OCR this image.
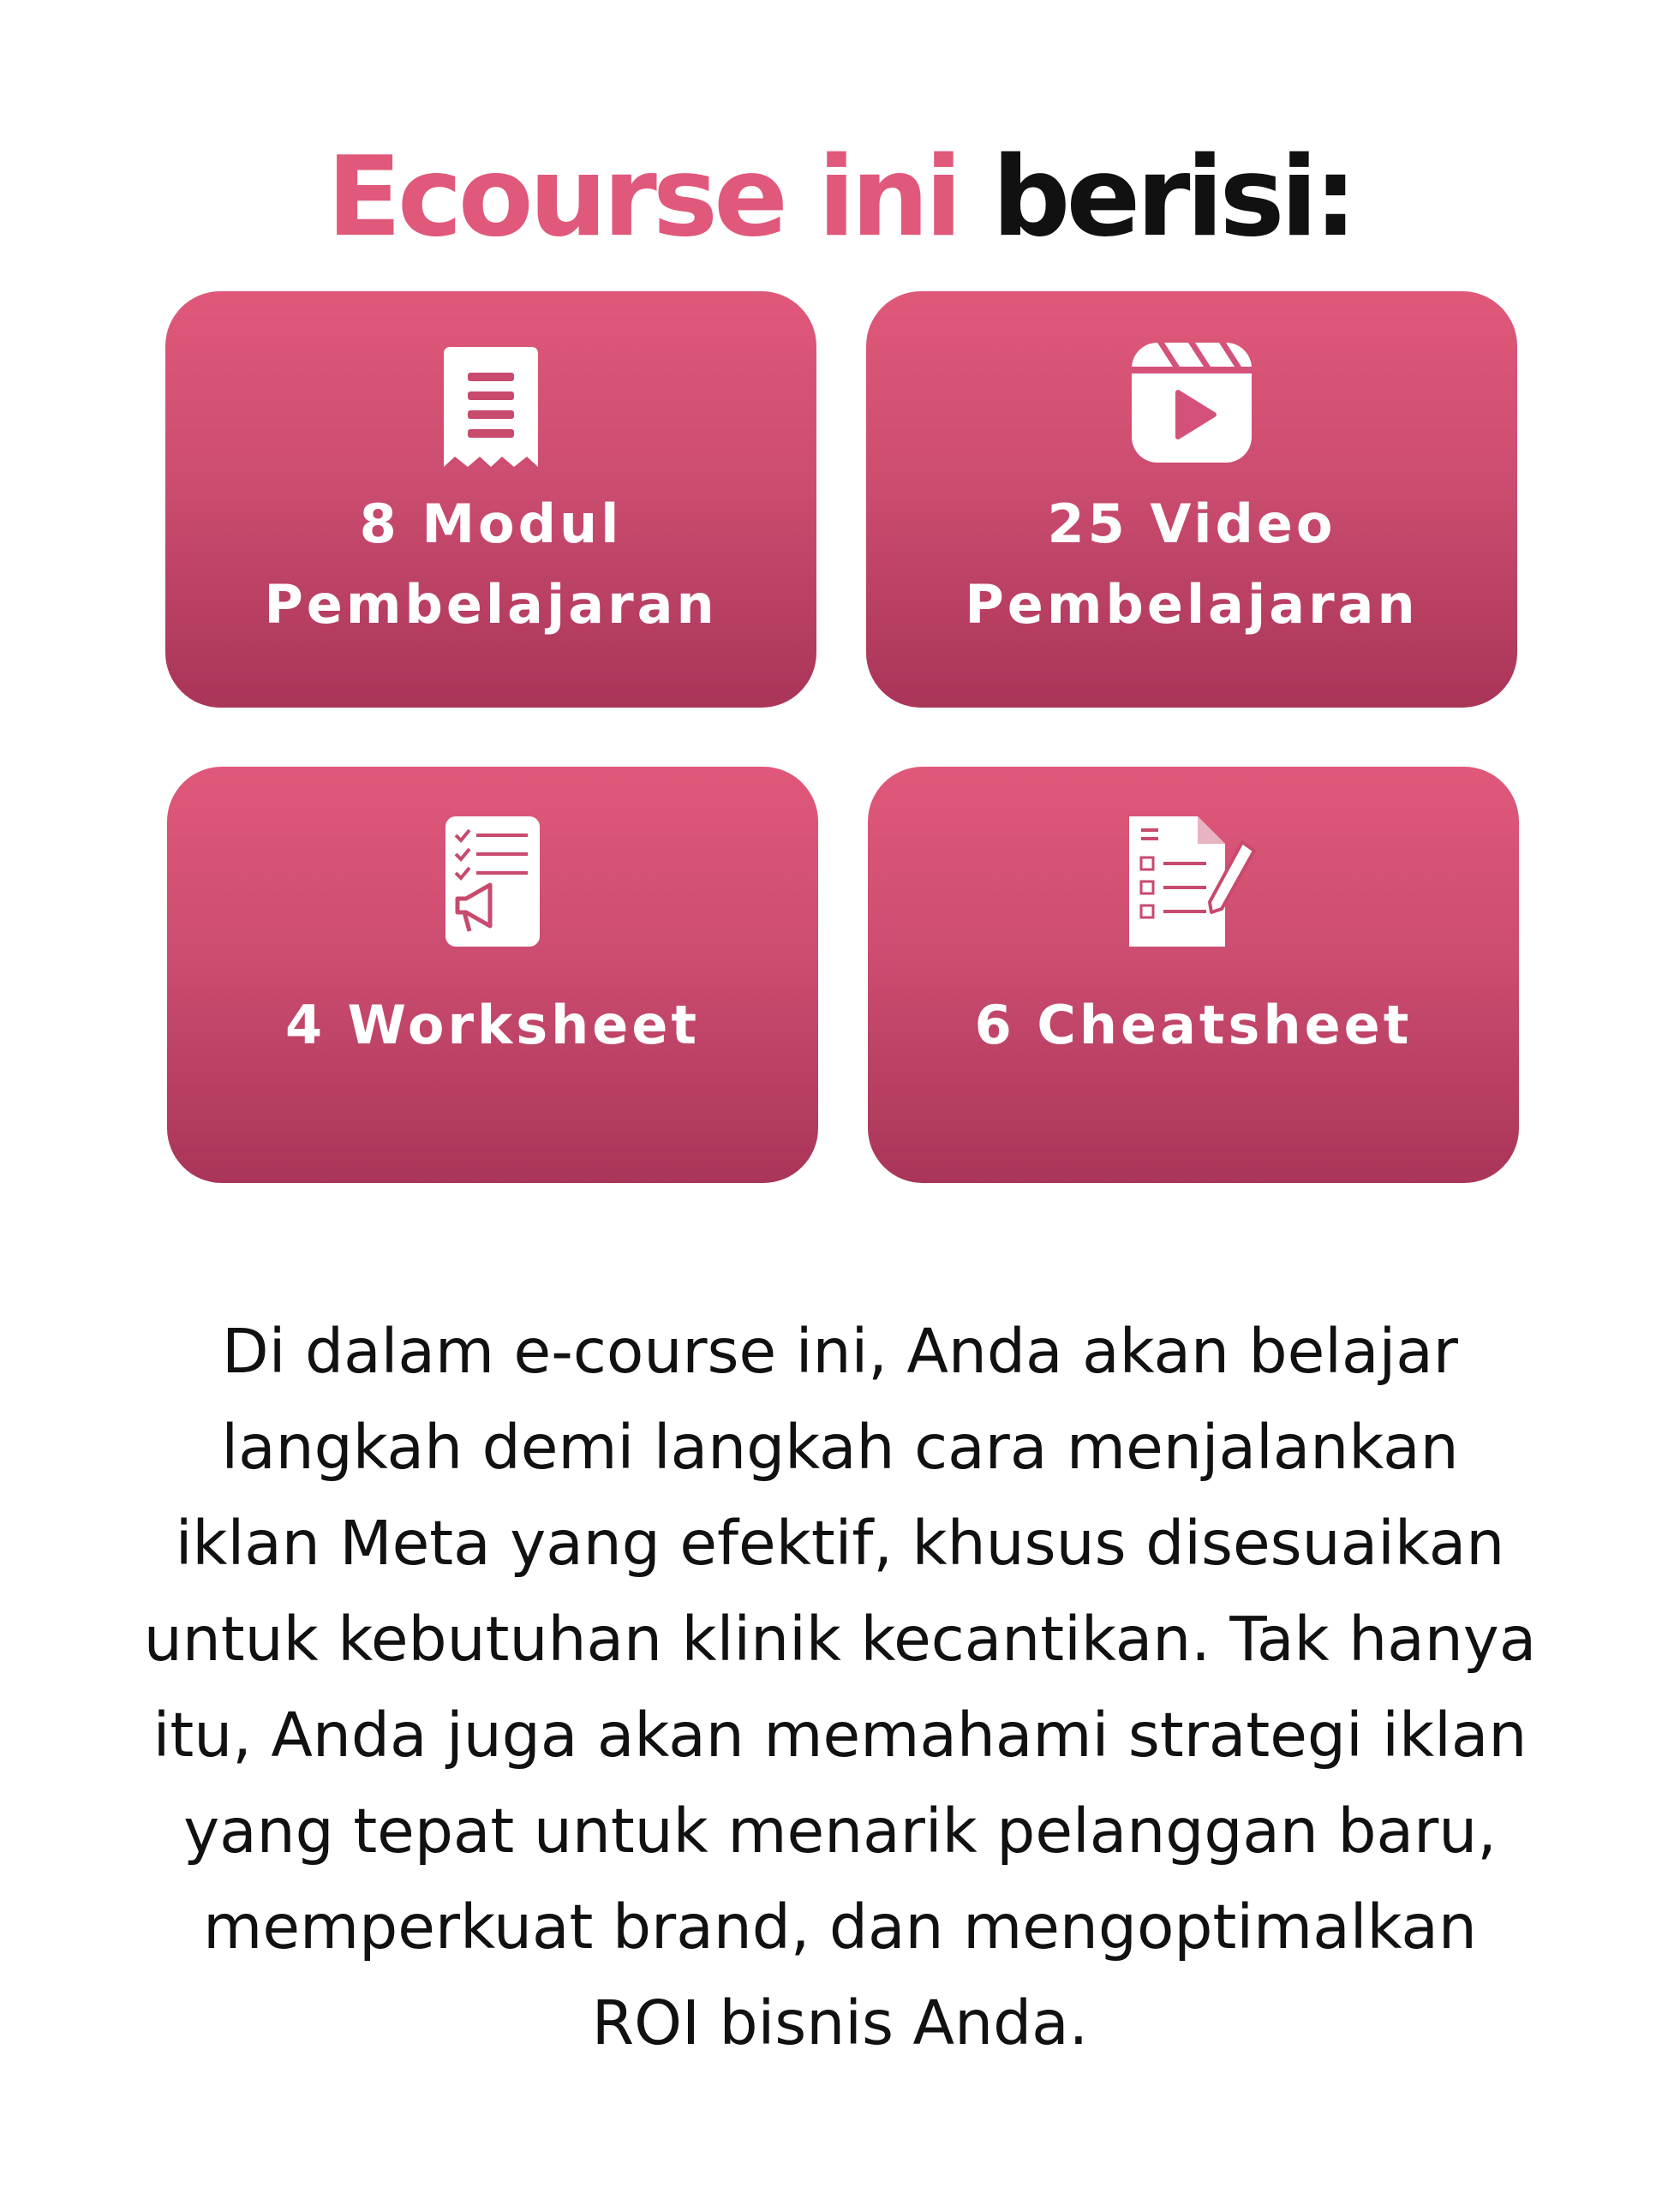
Ecourse ini berisi:
8 Modul
Pembelajaran
25 Video
Pembelajaran
4 Worksheet	6 Cheatsheet
Di dalam e-course ini, Anda akan belajar
langkah demi langkah cara menjalankan
iklan Meta yang efektif, khusus disesuaikan
untuk kebutuhan klinik kecantikan. Tak hanya
itu, Anda juga akan memahami strategi iklan
yang tepat untuk menarik pelanggan baru,
memperkuat brand, dan mengoptimalkan
ROI bisnis Anda.
